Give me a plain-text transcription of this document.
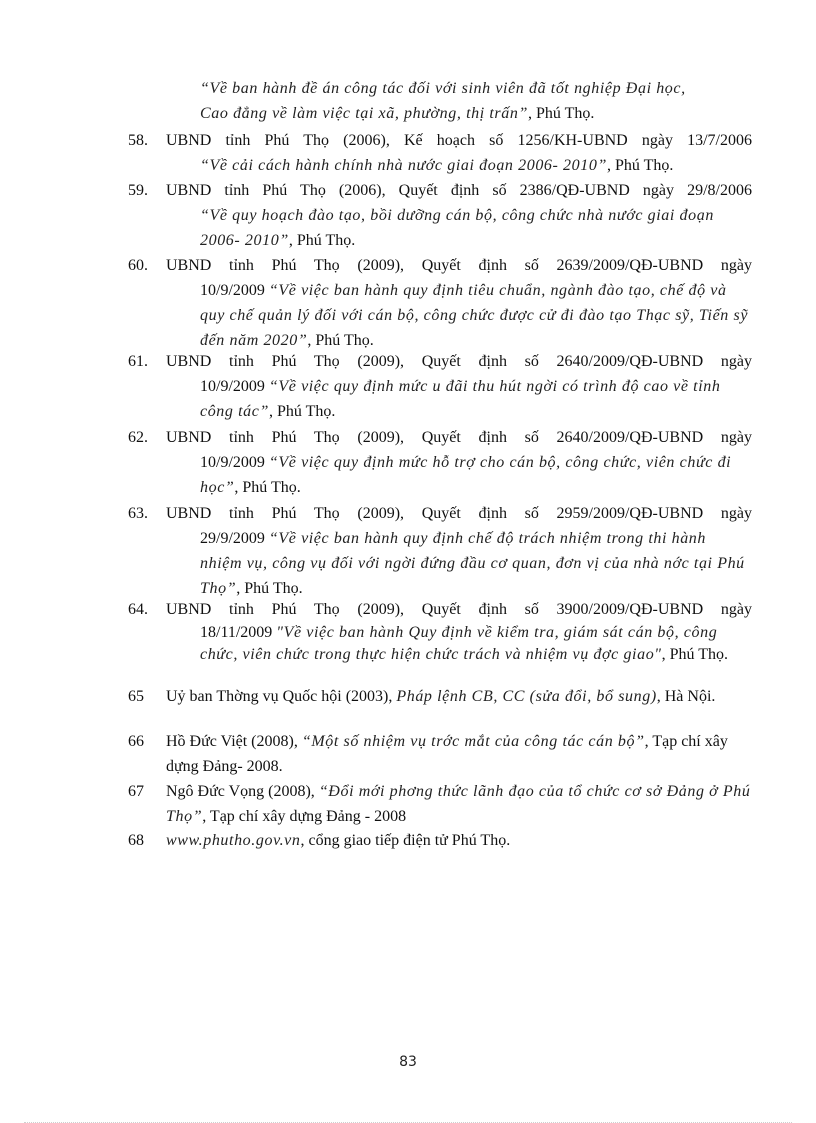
“Về ban hành đề án công tác đối với sinh viên đã tốt nghiệp Đại học,
Cao đẳng về làm việc tại xã, phường, thị trấn”, Phú Thọ.
58.	UBND tỉnh Phú Thọ (2006), Kế hoạch số 1256/KH-UBND ngày 13/7/2006
“Về cải cách hành chính nhà nước giai đoạn 2006- 2010”, Phú Thọ.
59.	UBND tỉnh Phú Thọ (2006), Quyết định số 2386/QĐ-UBND ngày 29/8/2006
“Về quy hoạch đào tạo, bồi dưỡng cán bộ, công chức nhà nước giai đoạn 2006- 2010”, Phú Thọ.
60.	UBND tỉnh Phú Thọ (2009), Quyết định số 2639/2009/QĐ-UBND ngày
10/9/2009 “Về việc ban hành quy định tiêu chuẩn, ngành đào tạo, chế độ và quy chế quản lý đối với cán bộ, công chức được cử đi đào tạo Thạc sỹ, Tiến sỹ đến năm 2020”, Phú Thọ.
61.	UBND tỉnh Phú Thọ (2009), Quyết định số 2640/2009/QĐ-UBND ngày
10/9/2009 “Về việc quy định mức u đãi thu hút ngời có trình độ cao về tỉnh công tác”, Phú Thọ.
62.	UBND tỉnh Phú Thọ (2009), Quyết định số 2640/2009/QĐ-UBND ngày
10/9/2009 “Về việc quy định mức hỗ trợ cho cán bộ, công chức, viên chức đi học”, Phú Thọ.
63.	UBND tỉnh Phú Thọ (2009), Quyết định số 2959/2009/QĐ-UBND ngày
29/9/2009 “Về việc ban hành quy định chế độ trách nhiệm trong thi hành nhiệm vụ, công vụ đối với ngời đứng đầu cơ quan, đơn vị của nhà nớc tại Phú Thọ”, Phú Thọ.
64.	UBND tỉnh Phú Thọ (2009), Quyết định số 3900/2009/QĐ-UBND ngày
18/11/2009 "Về việc ban hành Quy định về kiểm tra, giám sát cán bộ, công chức, viên chức trong thực hiện chức trách và nhiệm vụ đợc giao", Phú Thọ.
65	Uỷ ban Thờng vụ Quốc hội (2003), Pháp lệnh CB, CC (sửa đổi, bổ sung), Hà Nội.
66	Hồ Đức Việt (2008), “Một số nhiệm vụ trớc mắt của công tác cán bộ”, Tạp chí xây dựng Đảng- 2008.
67	Ngô Đức Vọng (2008), “Đổi mới phơng thức lãnh đạo của tổ chức cơ sở Đảng ở Phú Thọ”, Tạp chí xây dựng Đảng - 2008
68	www.phutho.gov.vn, cổng giao tiếp điện tử Phú Thọ.
83
